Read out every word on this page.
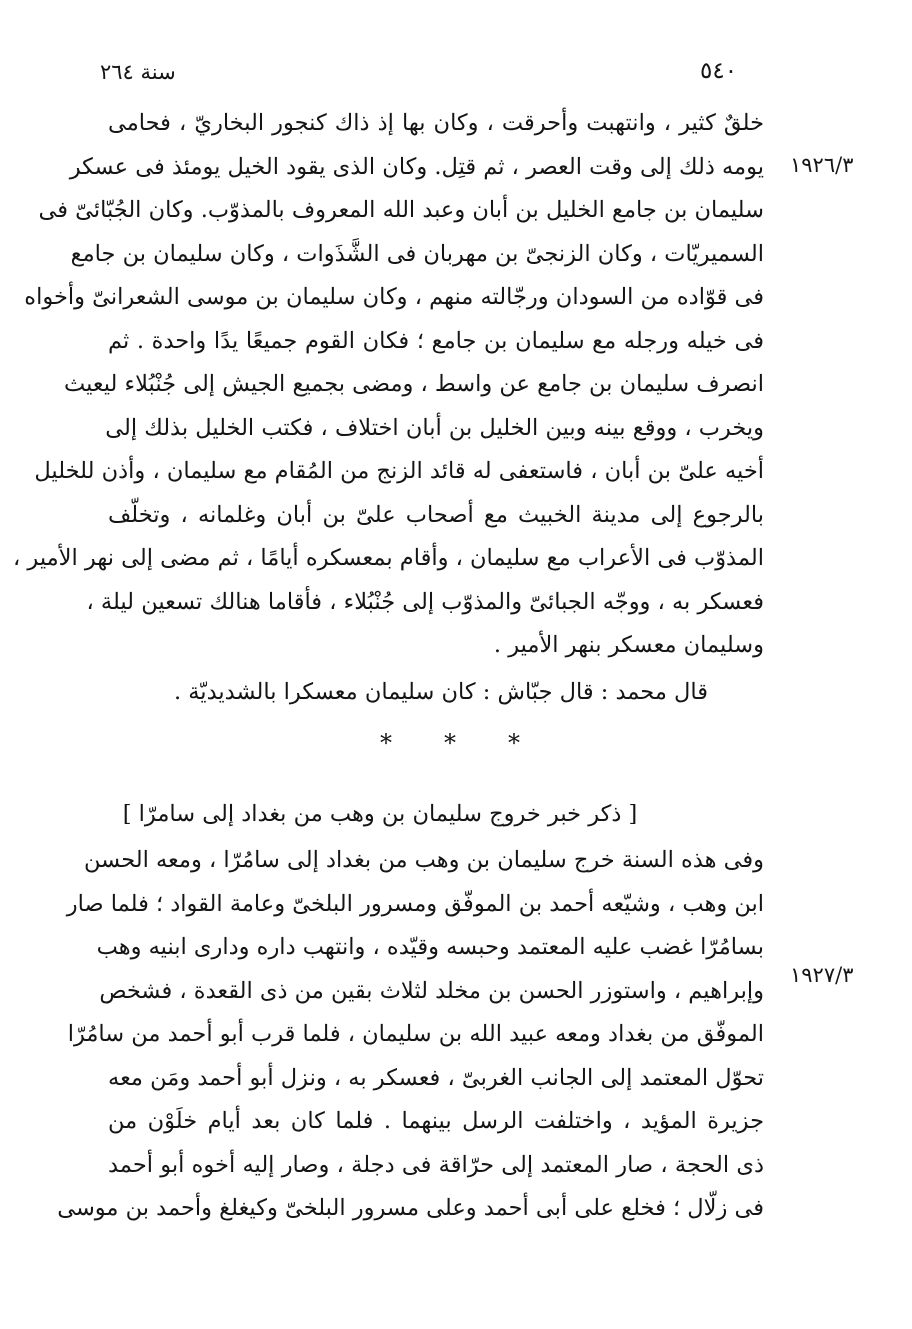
٥٤٠
سنة ٢٦٤
١٩٢٦/٣
١٩٢٧/٣
خلقٌ كثير ، وانتهبت وأحرقت ، وكان بها إذ ذاك كنجور البخاريّ ، فحامى
يومه ذلك إلى وقت العصر ، ثم قتِل. وكان الذى يقود الخيل يومئذ فى عسكر
سليمان بن جامع الخليل بن أبان وعبد الله المعروف بالمذوّب. وكان الجُبّائىّ فى
السميريّات ، وكان الزنجىّ بن مهربان فى الشَّذَوات ، وكان سليمان بن جامع
فى قوّاده من السودان ورجّالته منهم ، وكان سليمان بن موسى الشعرانىّ وأخواه
فى خيله ورجله مع سليمان بن جامع ؛ فكان القوم جميعًا يدًا واحدة . ثم
انصرف سليمان بن جامع عن واسط ، ومضى بجميع الجيش إلى جُنْبُلاء ليعيث
ويخرب ، ووقع بينه وبين الخليل بن أبان اختلاف ، فكتب الخليل بذلك إلى
أخيه علىّ بن أبان ، فاستعفى له قائد الزنج من المُقام مع سليمان ، وأذن للخليل
بالرجوع إلى مدينة الخبيث مع أصحاب علىّ بن أبان وغلمانه ، وتخلّف
المذوّب فى الأعراب مع سليمان ، وأقام بمعسكره أيامًا ، ثم مضى إلى نهر الأمير ،
فعسكر به ، ووجّه الجبائىّ والمذوّب إلى جُنْبُلاء ، فأقاما هنالك تسعين ليلة ،
وسليمان معسكر بنهر الأمير .
قال محمد : قال جبّاش : كان سليمان معسكرا بالشديديّة .
* * *
[ ذكر خبر خروج سليمان بن وهب من بغداد إلى سامرّا ]
وفى هذه السنة خرج سليمان بن وهب من بغداد إلى سامُرّا ، ومعه الحسن
ابن وهب ، وشيّعه أحمد بن الموفّق ومسرور البلخىّ وعامة القواد ؛ فلما صار
بسامُرّا غضب عليه المعتمد وحبسه وقيّده ، وانتهب داره ودارى ابنيه وهب
وإبراهيم ، واستوزر الحسن بن مخلد لثلاث بقين من ذى القعدة ، فشخص
الموفّق من بغداد ومعه عبيد الله بن سليمان ، فلما قرب أبو أحمد من سامُرّا
تحوّل المعتمد إلى الجانب الغربىّ ، فعسكر به ، ونزل أبو أحمد ومَن معه
جزيرة المؤيد ، واختلفت الرسل بينهما . فلما كان بعد أيام خلَوْن من
ذى الحجة ، صار المعتمد إلى حرّاقة فى دجلة ، وصار إليه أخوه أبو أحمد
فى زلّال ؛ فخلع على أبى أحمد وعلى مسرور البلخىّ وكيغلغ وأحمد بن موسى
